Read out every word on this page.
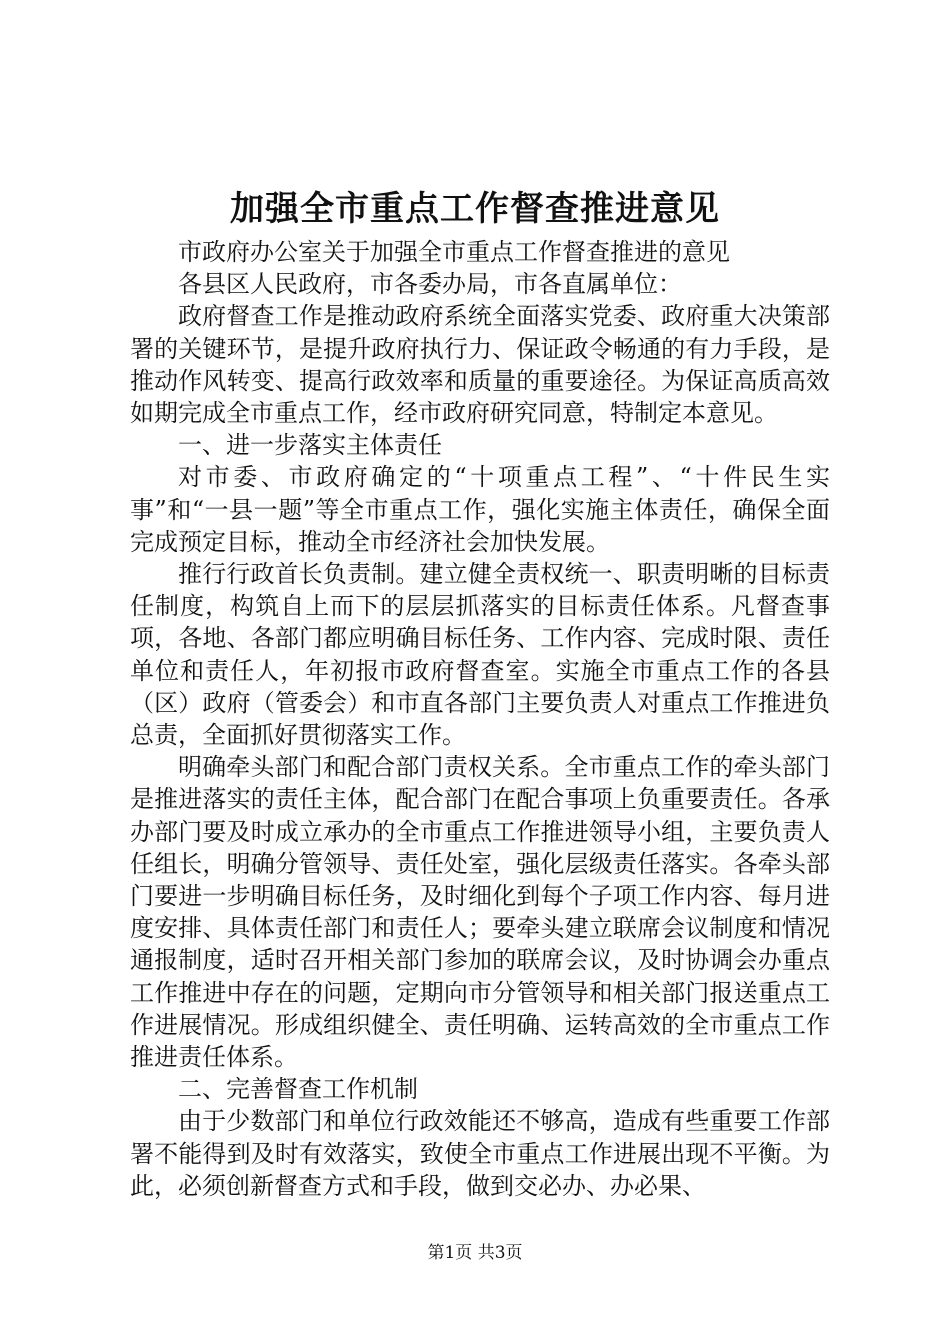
加强全市重点工作督查推进意见

市政府办公室关于加强全市重点工作督查推进的意见

各县区人民政府，市各委办局，市各直属单位：

政府督查工作是推动政府系统全面落实党委、政府重大决策部署的关键环节，是提升政府执行力、保证政令畅通的有力手段，是推动作风转变、提高行政效率和质量的重要途径。为保证高质高效如期完成全市重点工作，经市政府研究同意，特制定本意见。

一、进一步落实主体责任

对市委、市政府确定的“十项重点工程”、“十件民生实事”和“一县一题”等全市重点工作，强化实施主体责任，确保全面完成预定目标，推动全市经济社会加快发展。

推行行政首长负责制。建立健全责权统一、职责明晰的目标责任制度，构筑自上而下的层层抓落实的目标责任体系。凡督查事项，各地、各部门都应明确目标任务、工作内容、完成时限、责任单位和责任人，年初报市政府督查室。实施全市重点工作的各县（区）政府（管委会）和市直各部门主要负责人对重点工作推进负总责，全面抓好贯彻落实工作。

明确牵头部门和配合部门责权关系。全市重点工作的牵头部门是推进落实的责任主体，配合部门在配合事项上负重要责任。各承办部门要及时成立承办的全市重点工作推进领导小组，主要负责人任组长，明确分管领导、责任处室，强化层级责任落实。各牵头部门要进一步明确目标任务，及时细化到每个子项工作内容、每月进度安排、具体责任部门和责任人；要牵头建立联席会议制度和情况通报制度，适时召开相关部门参加的联席会议，及时协调会办重点工作推进中存在的问题，定期向市分管领导和相关部门报送重点工作进展情况。形成组织健全、责任明确、运转高效的全市重点工作推进责任体系。

二、完善督查工作机制

由于少数部门和单位行政效能还不够高，造成有些重要工作部署不能得到及时有效落实，致使全市重点工作进展出现不平衡。为此，必须创新督查方式和手段，做到交必办、办必果、

第1页 共3页
